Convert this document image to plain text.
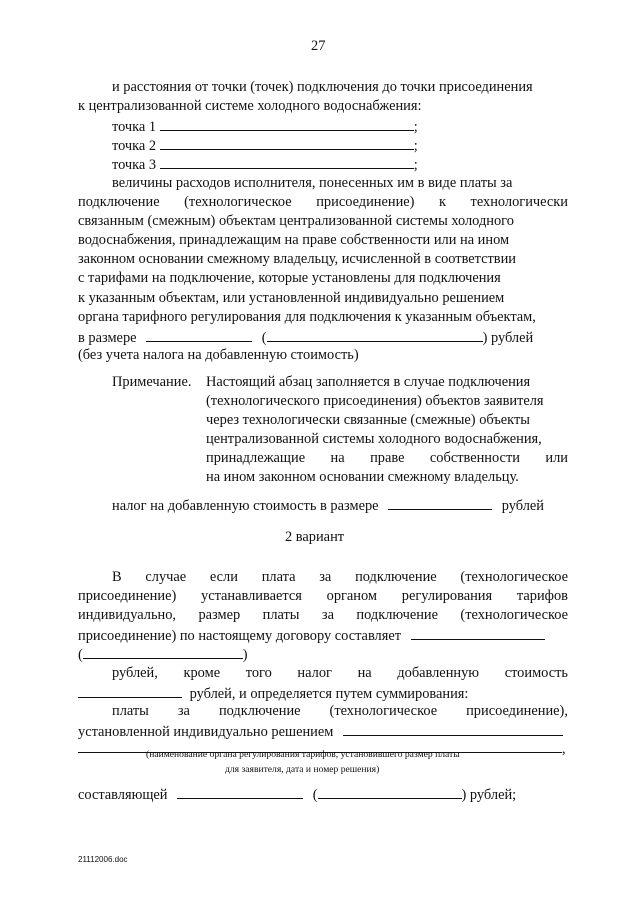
27
и расстояния от точки (точек) подключения до точки присоединения
к централизованной системе холодного водоснабжения:
точка 1	;
точка 2	;
точка 3	;
величины расходов исполнителя, понесенных им в виде платы за
подключение (технологическое присоединение) к технологически
связанным (смежным) объектам централизованной системы холодного
водоснабжения, принадлежащим на праве собственности или на ином
законном основании смежному владельцу, исчисленной в соответствии
с тарифами на подключение, которые установлены для подключения
к указанным объектам, или установленной индивидуально решением
органа тарифного регулирования для подключения к указанным объектам,
в размере	(	) рублей
(без учета налога на добавленную стоимость)
Примечание. Настоящий абзац заполняется в случае подключения
(технологического присоединения) объектов заявителя
через технологически связанные (смежные) объекты
централизованной системы холодного водоснабжения,
принадлежащие на праве собственности или
на ином законном основании смежному владельцу.
налог на добавленную стоимость в размере	рублей
2 вариант
В случае если плата за подключение (технологическое
присоединение) устанавливается органом регулирования тарифов
индивидуально, размер платы за подключение (технологическое
присоединение) по настоящему договору составляет
(	)
рублей, кроме того налог на добавленную стоимость
рублей, и определяется путем суммирования:
платы за подключение (технологическое присоединение),
установленной индивидуально решением
,
(наименование органа регулирования тарифов, установившего размер платы
для заявителя, дата и номер решения)
составляющей	(	) рублей;
21112006.doc
